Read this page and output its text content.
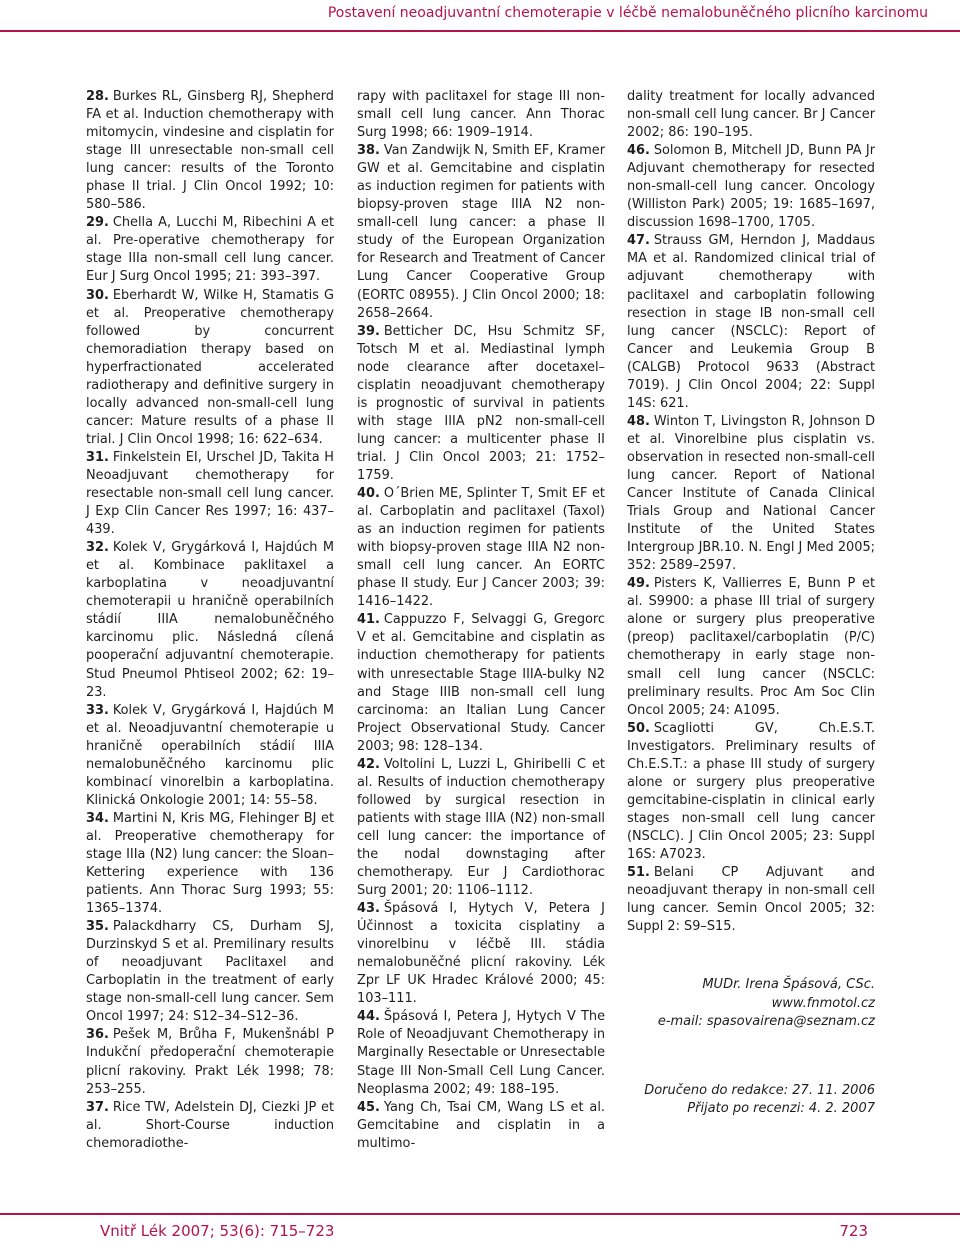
Postavení neoadjuvantní chemoterapie v léčbě nemalobuněčného plicního karcinomu

28. Burkes RL, Ginsberg RJ, Shepherd FA et al. Induction chemotherapy with mitomycin, vindesine and cisplatin for stage III unresectable non-small cell lung cancer: results of the Toronto phase II trial. J Clin Oncol 1992; 10: 580–586.

29. Chella A, Lucchi M, Ribechini A et al. Pre-operative chemotherapy for stage IIIa non-small cell lung cancer. Eur J Surg Oncol 1995; 21: 393–397.

30. Eberhardt W, Wilke H, Stamatis G et al. Preoperative chemotherapy followed by concurrent chemoradiation therapy based on hyperfractionated accelerated radiotherapy and definitive surgery in locally advanced non-small-cell lung cancer: Mature results of a phase II trial. J Clin Oncol 1998; 16: 622–634.

31. Finkelstein EI, Urschel JD, Takita H Neoadjuvant chemotherapy for resectable non-small cell lung cancer. J Exp Clin Cancer Res 1997; 16: 437–439.

32. Kolek V, Grygárková I, Hajdúch M et al. Kombinace paklitaxel a karboplatina v neoadjuvantní chemoterapii u hraničně operabilních stádií IIIA nemalobuněčného karcinomu plic. Následná cílená pooperační adjuvantní chemoterapie. Stud Pneumol Phtiseol 2002; 62: 19–23.

33. Kolek V, Grygárková I, Hajdúch M et al. Neoadjuvantní chemoterapie u hraničně operabilních stádií IIIA nemalobuněčného karcinomu plic kombinací vinorelbin a karboplatina. Klinická Onkologie 2001; 14: 55–58.

34. Martini N, Kris MG, Flehinger BJ et al. Preoperative chemotherapy for stage IIIa (N2) lung cancer: the Sloan–Kettering experience with 136 patients. Ann Thorac Surg 1993; 55: 1365–1374.

35. Palackdharry CS, Durham SJ, Durzinskyd S et al. Premilinary results of neoadjuvant Paclitaxel and Carboplatin in the treatment of early stage non-small-cell lung cancer. Sem Oncol 1997; 24: S12–34–S12–36.

36. Pešek M, Brůha F, Mukenšnábl P Indukční předoperační chemoterapie plicní rakoviny. Prakt Lék 1998; 78: 253–255.

37. Rice TW, Adelstein DJ, Ciezki JP et al. Short-Course induction chemoradiothe-

rapy with paclitaxel for stage III non-small cell lung cancer. Ann Thorac Surg 1998; 66: 1909–1914.

38. Van Zandwijk N, Smith EF, Kramer GW et al. Gemcitabine and cisplatin as induction regimen for patients with biopsy-proven stage IIIA N2 non-small-cell lung cancer: a phase II study of the European Organization for Research and Treatment of Cancer Lung Cancer Cooperative Group (EORTC 08955). J Clin Oncol 2000; 18: 2658–2664.

39. Betticher DC, Hsu Schmitz SF, Totsch M et al. Mediastinal lymph node clearance after docetaxel–cisplatin neoadjuvant chemotherapy is prognostic of survival in patients with stage IIIA pN2 non-small-cell lung cancer: a multicenter phase II trial. J Clin Oncol 2003; 21: 1752–1759.

40. O´Brien ME, Splinter T, Smit EF et al. Carboplatin and paclitaxel (Taxol) as an induction regimen for patients with biopsy-proven stage IIIA N2 non-small cell lung cancer. An EORTC phase II study. Eur J Cancer 2003; 39: 1416–1422.

41. Cappuzzo F, Selvaggi G, Gregorc V et al. Gemcitabine and cisplatin as induction chemotherapy for patients with unresectable Stage IIIA-bulky N2 and Stage IIIB non-small cell lung carcinoma: an Italian Lung Cancer Project Observational Study. Cancer 2003; 98: 128–134.

42. Voltolini L, Luzzi L, Ghiribelli C et al. Results of induction chemotherapy followed by surgical resection in patients with stage IIIA (N2) non-small cell lung cancer: the importance of the nodal downstaging after chemotherapy. Eur J Cardiothorac Surg 2001; 20: 1106–1112.

43. Špásová I, Hytych V, Petera J Účinnost a toxicita cisplatiny a vinorelbinu v léčbě III. stádia nemalobuněčné plicní rakoviny. Lék Zpr LF UK Hradec Králové 2000; 45: 103–111.

44. Špásová I, Petera J, Hytych V The Role of Neoadjuvant Chemotherapy in Marginally Resectable or Unresectable Stage III Non-Small Cell Lung Cancer. Neoplasma 2002; 49: 188–195.

45. Yang Ch, Tsai CM, Wang LS et al. Gemcitabine and cisplatin in a multimo-

dality treatment for locally advanced non-small cell lung cancer. Br J Cancer 2002; 86: 190–195.

46. Solomon B, Mitchell JD, Bunn PA Jr Adjuvant chemotherapy for resected non-small-cell lung cancer. Oncology (Williston Park) 2005; 19: 1685–1697, discussion 1698–1700, 1705.

47. Strauss GM, Herndon J, Maddaus MA et al. Randomized clinical trial of adjuvant chemotherapy with paclitaxel and carboplatin following resection in stage IB non-small cell lung cancer (NSCLC): Report of Cancer and Leukemia Group B (CALGB) Protocol 9633 (Abstract 7019). J Clin Oncol 2004; 22: Suppl 14S: 621.

48. Winton T, Livingston R, Johnson D et al. Vinorelbine plus cisplatin vs. observation in resected non-small-cell lung cancer. Report of National Cancer Institute of Canada Clinical Trials Group and National Cancer Institute of the United States Intergroup JBR.10. N. Engl J Med 2005; 352: 2589–2597.

49. Pisters K, Vallierres E, Bunn P et al. S9900: a phase III trial of surgery alone or surgery plus preoperative (preop) paclitaxel/carboplatin (P/C) chemotherapy in early stage non-small cell lung cancer (NSCLC: preliminary results. Proc Am Soc Clin Oncol 2005; 24: A1095.

50. Scagliotti GV, Ch.E.S.T. Investigators. Preliminary results of Ch.E.S.T.: a phase III study of surgery alone or surgery plus preoperative gemcitabine-cisplatin in clinical early stages non-small cell lung cancer (NSCLC). J Clin Oncol 2005; 23: Suppl 16S: A7023.

51. Belani CP Adjuvant and neoadjuvant therapy in non-small cell lung cancer. Semin Oncol 2005; 32: Suppl 2: S9–S15.

MUDr. Irena Špásová, CSc.
www.fnmotol.cz
e-mail: spasovairena@seznam.cz
Doručeno do redakce: 27. 11. 2006
Přijato po recenzi: 4. 2. 2007
Vnitř Lék 2007; 53(6): 715–723	723
